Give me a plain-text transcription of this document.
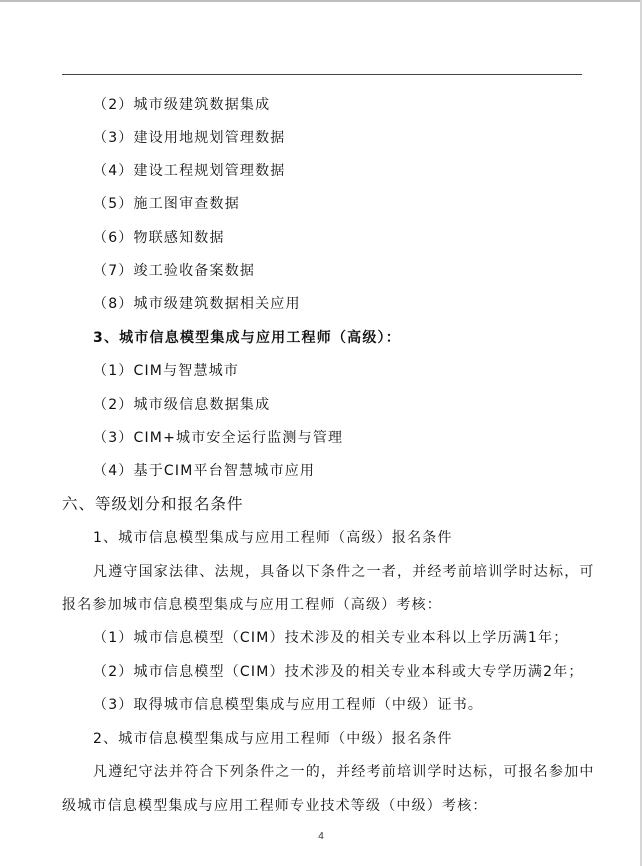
（2）城市级建筑数据集成
（3）建设用地规划管理数据
（4）建设工程规划管理数据
（5）施工图审查数据
（6）物联感知数据
（7）竣工验收备案数据
（8）城市级建筑数据相关应用
3、城市信息模型集成与应用工程师（高级）：
（1）CIM与智慧城市
（2）城市级信息数据集成
（3）CIM+城市安全运行监测与管理
（4）基于CIM平台智慧城市应用
六、等级划分和报名条件
1、城市信息模型集成与应用工程师（高级）报名条件
凡遵守国家法律、法规，具备以下条件之一者，并经考前培训学时达标，可
报名参加城市信息模型集成与应用工程师（高级）考核：
（1）城市信息模型（CIM）技术涉及的相关专业本科以上学历满1年；
（2）城市信息模型（CIM）技术涉及的相关专业本科或大专学历满2年；
（3）取得城市信息模型集成与应用工程师（中级）证书。
2、城市信息模型集成与应用工程师（中级）报名条件
凡遵纪守法并符合下列条件之一的，并经考前培训学时达标，可报名参加中
级城市信息模型集成与应用工程师专业技术等级（中级）考核：
4
